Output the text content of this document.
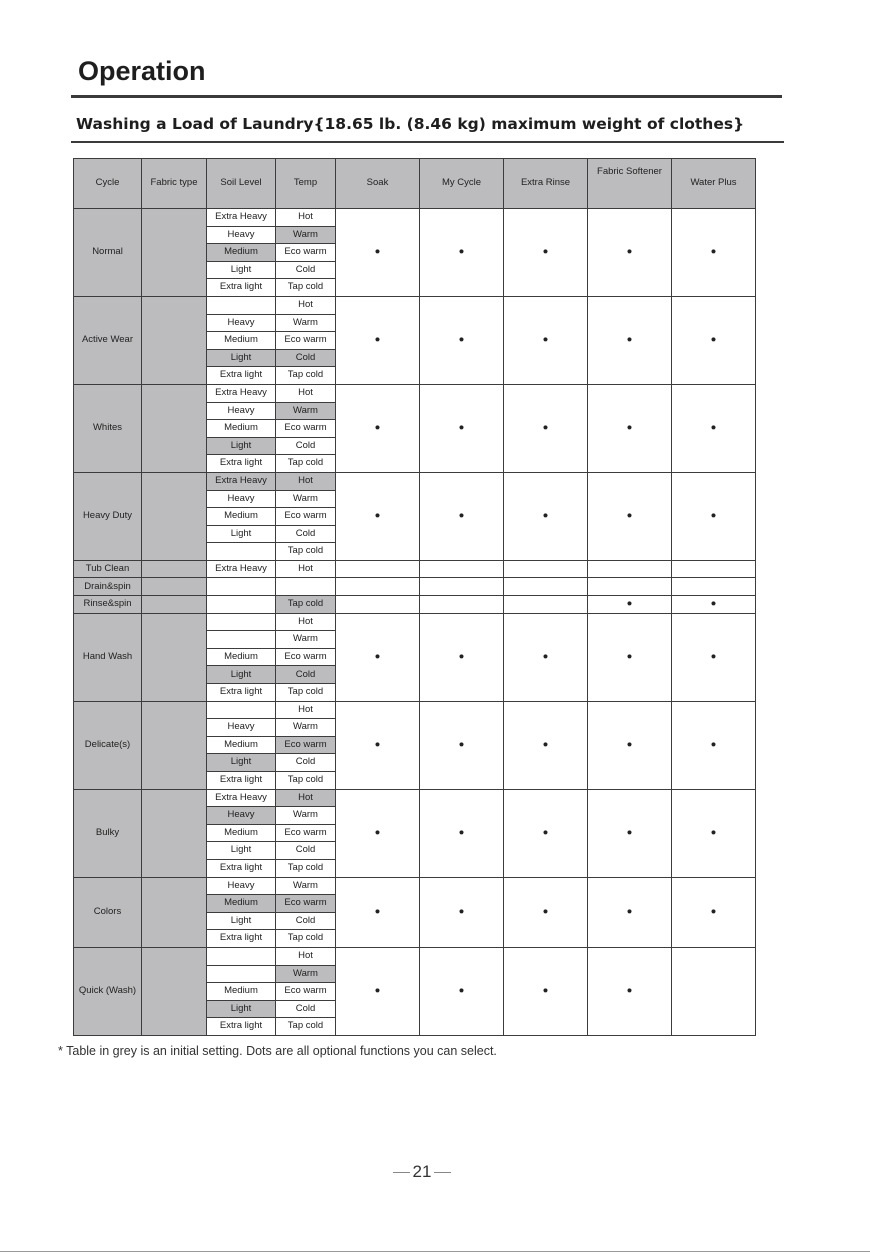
Operation
Washing a Load of Laundry{18.65 lb. (8.46 kg) maximum weight of clothes}
Cycle	Fabric type	Soil Level	Temp	Soak	My Cycle	Extra Rinse	Fabric Softener	Water Plus
Normal		Extra Heavy	Hot	●	●	●	●	●
		Heavy	Warm					
		Medium	Eco warm					
		Light	Cold					
		Extra light	Tap cold					
Active Wear			Hot	●	●	●	●	●
		Heavy	Warm					
		Medium	Eco warm					
		Light	Cold					
		Extra light	Tap cold					
Whites		Extra Heavy	Hot	●	●	●	●	●
		Heavy	Warm					
		Medium	Eco warm					
		Light	Cold					
		Extra light	Tap cold					
Heavy Duty		Extra Heavy	Hot	●	●	●	●	●
		Heavy	Warm					
		Medium	Eco warm					
		Light	Cold					
			Tap cold					
Tub Clean		Extra Heavy	Hot					
Drain&spin								
Rinse&spin			Tap cold				●	●
Hand Wash			Hot	●	●	●	●	●
			Warm					
		Medium	Eco warm					
		Light	Cold					
		Extra light	Tap cold					
Delicate(s)			Hot	●	●	●	●	●
		Heavy	Warm					
		Medium	Eco warm					
		Light	Cold					
		Extra light	Tap cold					
Bulky		Extra Heavy	Hot	●	●	●	●	●
		Heavy	Warm					
		Medium	Eco warm					
		Light	Cold					
		Extra light	Tap cold					
Colors		Heavy	Warm	●	●	●	●	●
		Medium	Eco warm					
		Light	Cold					
		Extra light	Tap cold					
Quick (Wash)			Hot	●	●	●	●	
			Warm					
		Medium	Eco warm					
		Light	Cold					
		Extra light	Tap cold					
* Table in grey is an initial setting. Dots are all optional functions you can select.
21
